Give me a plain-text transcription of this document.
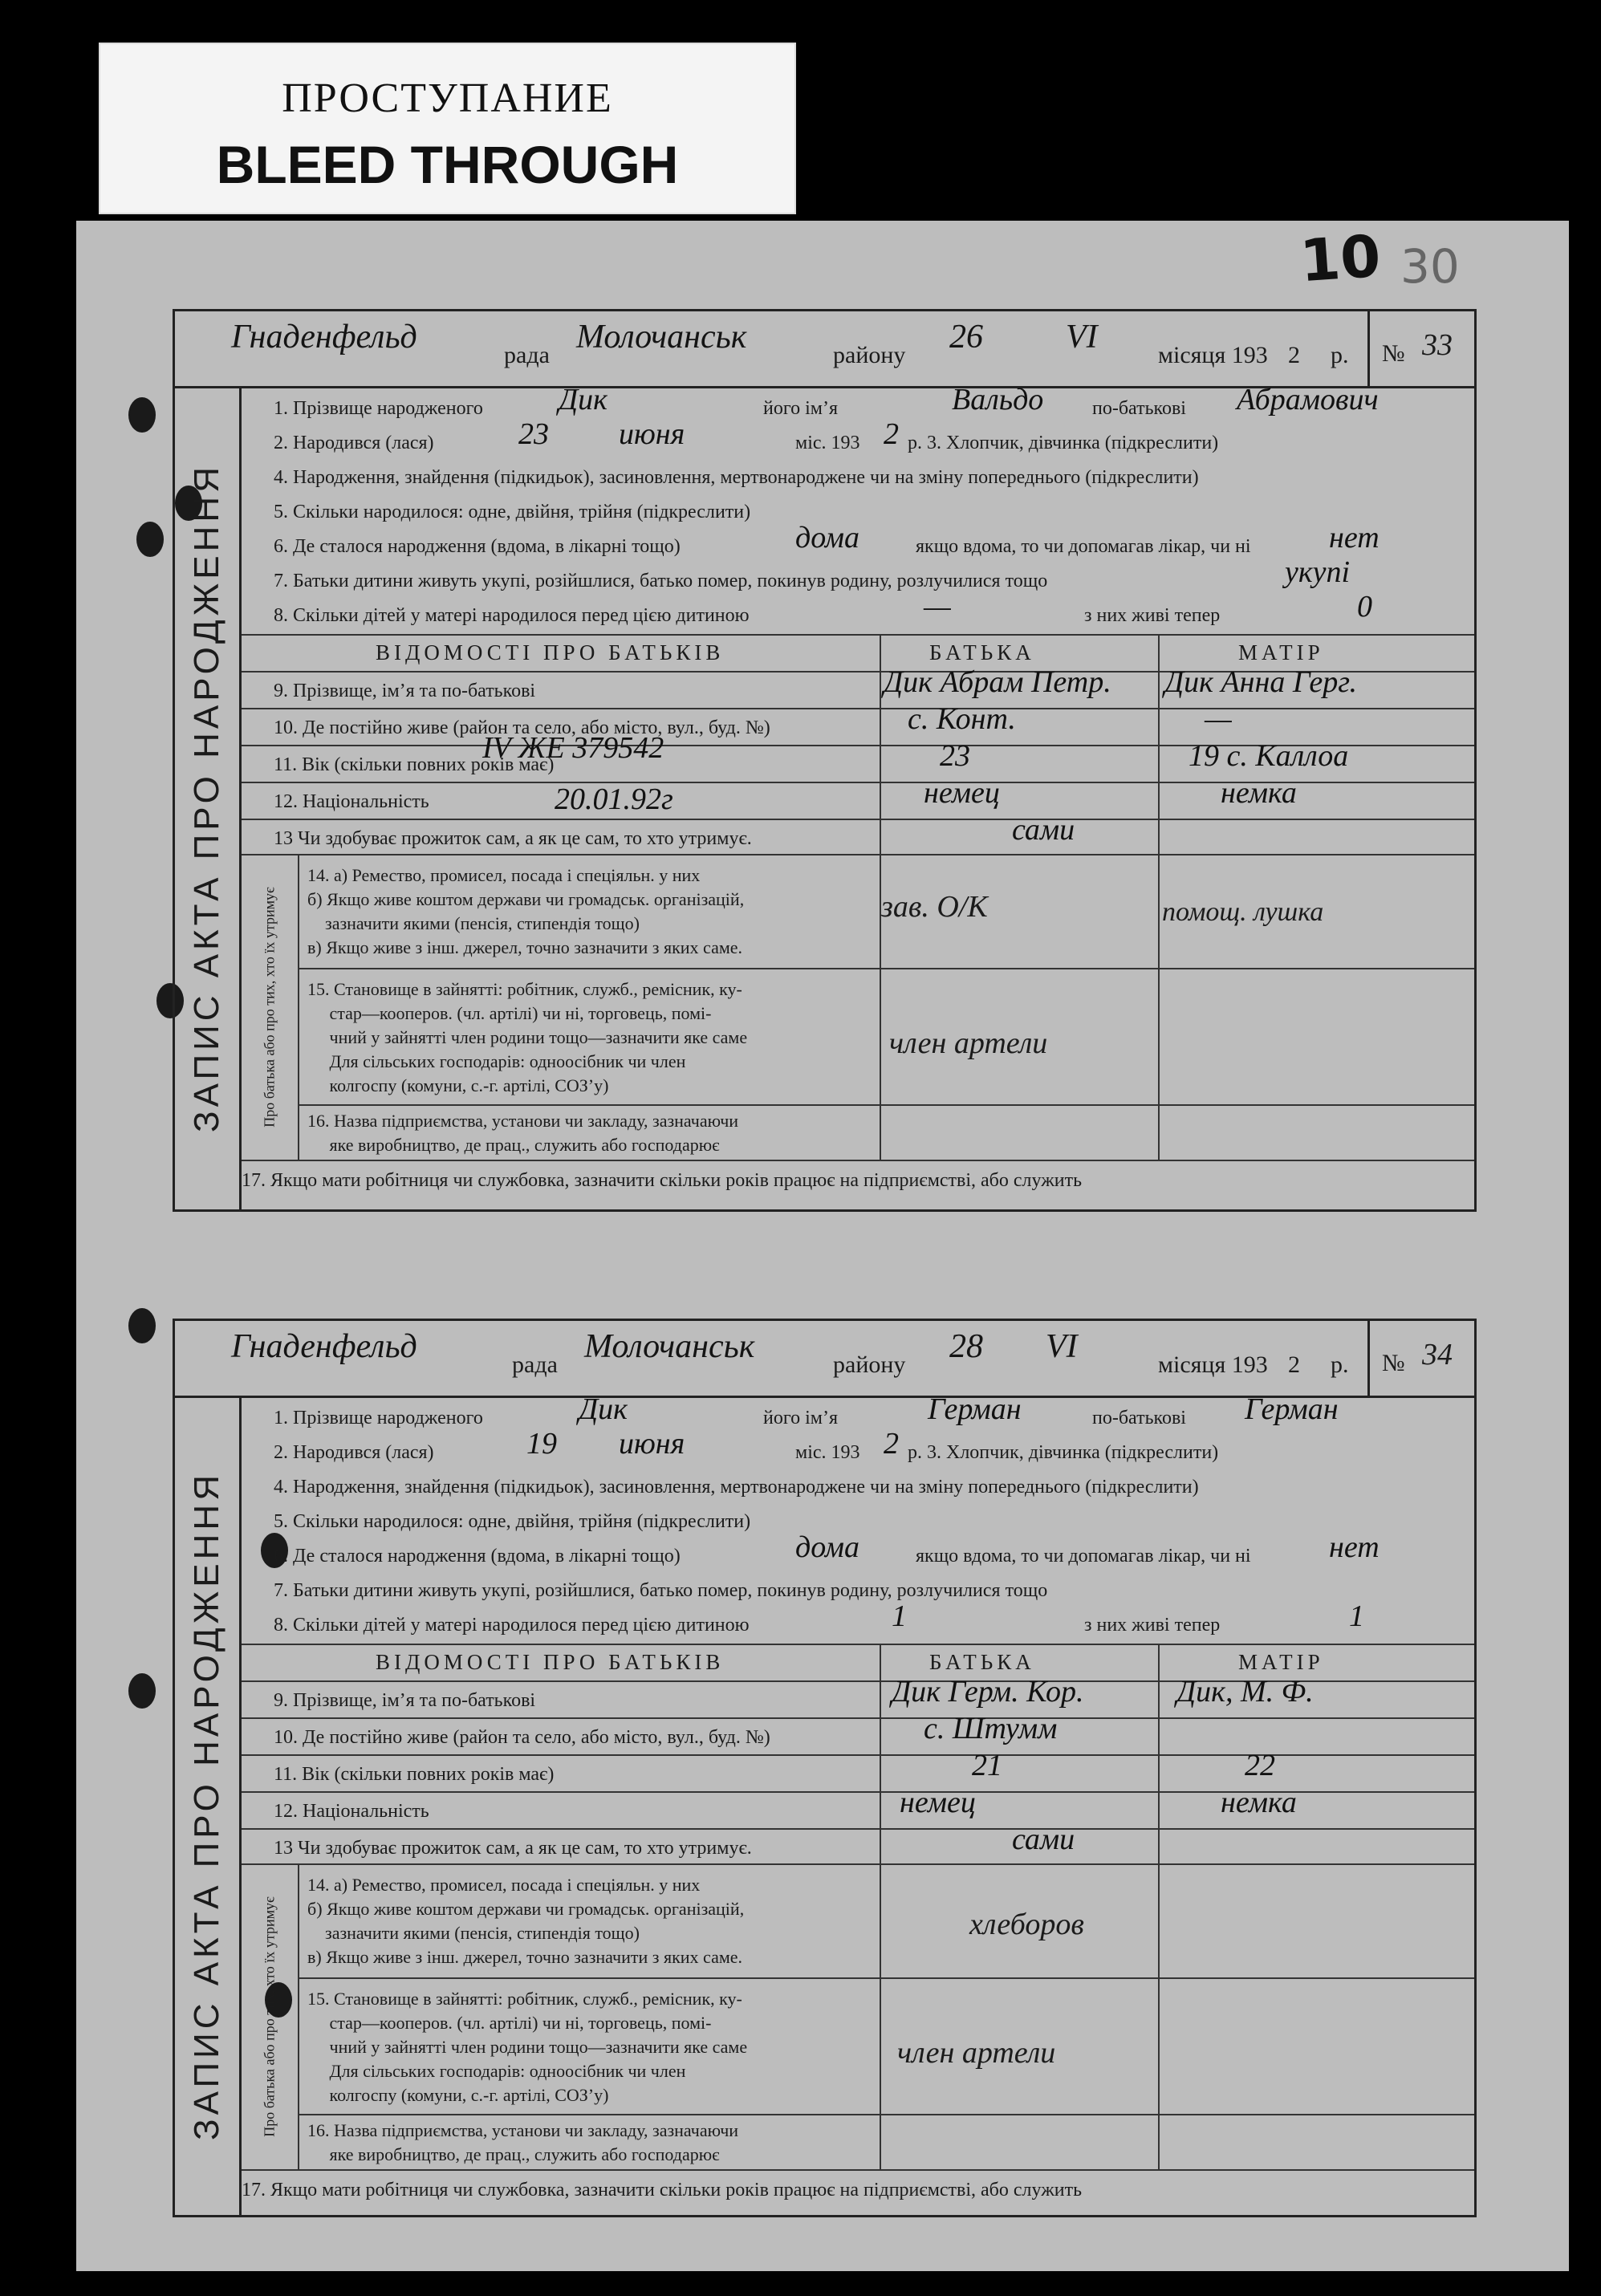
ПРОСТУПАНИЕ
BLEED THROUGH
10 30
Гнаденфельд	рада Молочанськ	району 26 VI	місяця 193 2 р. № 33
ЗАПИС АКТА ПРО НАРОДЖЕННЯ
1. Прізвище народженого Дик	його ім’я	Вальдо	по-батькові Абрамович
2. Народився (лася)	23 июня	міс. 193 2 р. 3. Хлопчик, дівчинка (підкреслити)
4. Народження, знайдення (підкидьок), засиновлення, мертвонароджене чи на зміну попереднього (підкреслити)
5. Скільки народилося: одне, двійня, трійня (підкреслити)
6. Де сталося народження (вдома, в лікарні тощо)	дома	якщо вдома, то чи допомагав лікар, чи ні	нет
7. Батьки дитини живуть укупі, розійшлися, батько помер, покинув родину, розлучилися тощо	укупі
8. Скільки дітей у матері народилося перед цією дитиною	—	з них живі тепер	0
ВІДОМОСТІ ПРО БАТЬКІВ	БАТЬКА	МАТІР
9. Прізвище, ім’я та по-батькові	Дик Абрам Петр. Дик Анна Герг.
10. Де постійно живе (район та село, або місто, вул., буд. №)	с. Конт.	—
11. Вік (скільки повних років має)	23	19 с. Каллоа
IV ЖЕ 379542
12. Національність	немец	немка
20.01.92г
13 Чи здобуває прожиток сам, а як це сам, то хто утримує.	сами
Про батька або про тих, хто їх утримує
14. а) Ремество, промисел, посада і спеціяльн. у них
б) Якщо живе коштом держави чи громадськ. організацій,
зазначити якими (пенсія, стипендія тощо)
в) Якщо живе з інш. джерел, точно зазначити з яких саме.
зав. О/К	помощ. лушка
15. Становище в зайнятті: робітник, служб., ремісник, ку-
стар—кооперов. (чл. артілі) чи ні, торговець, помі-
чний у зайнятті член родини тощо—зазначити яке саме
Для сільських господарів: одноосібник чи член
колгоспу (комуни, с.-г. артілі, СОЗ’у)
член артели
16. Назва підприємства, установи чи закладу, зазначаючи
яке виробництво, де прац., служить або господарює
17. Якщо мати робітниця чи службовка, зазначити скільки років працює на підприємстві, або служить
Гнаденфельд	рада Молочанськ	району 28 VI	місяця 193 2 р. № 34
ЗАПИС АКТА ПРО НАРОДЖЕННЯ
1. Прізвище народженого	Дик	його ім’я	Герман	по-батькові Герман
2. Народився (лася)	19 июня	міс. 193 2 р. 3. Хлопчик, дівчинка (підкреслити)
4. Народження, знайдення (підкидьок), засиновлення, мертвонароджене чи на зміну попереднього (підкреслити)
5. Скільки народилося: одне, двійня, трійня (підкреслити)
6. Де сталося народження (вдома, в лікарні тощо)	дома	якщо вдома, то чи допомагав лікар, чи ні	нет
7. Батьки дитини живуть укупі, розійшлися, батько помер, покинув родину, розлучилися тощо
8. Скільки дітей у матері народилося перед цією дитиною	1	з них живі тепер	1
ВІДОМОСТІ ПРО БАТЬКІВ	БАТЬКА	МАТІР
9. Прізвище, ім’я та по-батькові	Дик Герм. Кор.	Дик, М. Ф.
10. Де постійно живе (район та село, або місто, вул., буд. №)	с. Штумм
11. Вік (скільки повних років має)	21	22
12. Національність	немец	немка
13 Чи здобуває прожиток сам, а як це сам, то хто утримує.	сами
Про батька або про тих, хто їх утримує
14. а) Ремество, промисел, посада і спеціяльн. у них
б) Якщо живе коштом держави чи громадськ. організацій,
зазначити якими (пенсія, стипендія тощо)
в) Якщо живе з інш. джерел, точно зазначити з яких саме.
хлеборов
15. Становище в зайнятті: робітник, служб., ремісник, ку-
стар—кооперов. (чл. артілі) чи ні, торговець, помі-
чний у зайнятті член родини тощо—зазначити яке саме
Для сільських господарів: одноосібник чи член
колгоспу (комуни, с.-г. артілі, СОЗ’у)
член артели
16. Назва підприємства, установи чи закладу, зазначаючи
яке виробництво, де прац., служить або господарює
17. Якщо мати робітниця чи службовка, зазначити скільки років працює на підприємстві, або служить
